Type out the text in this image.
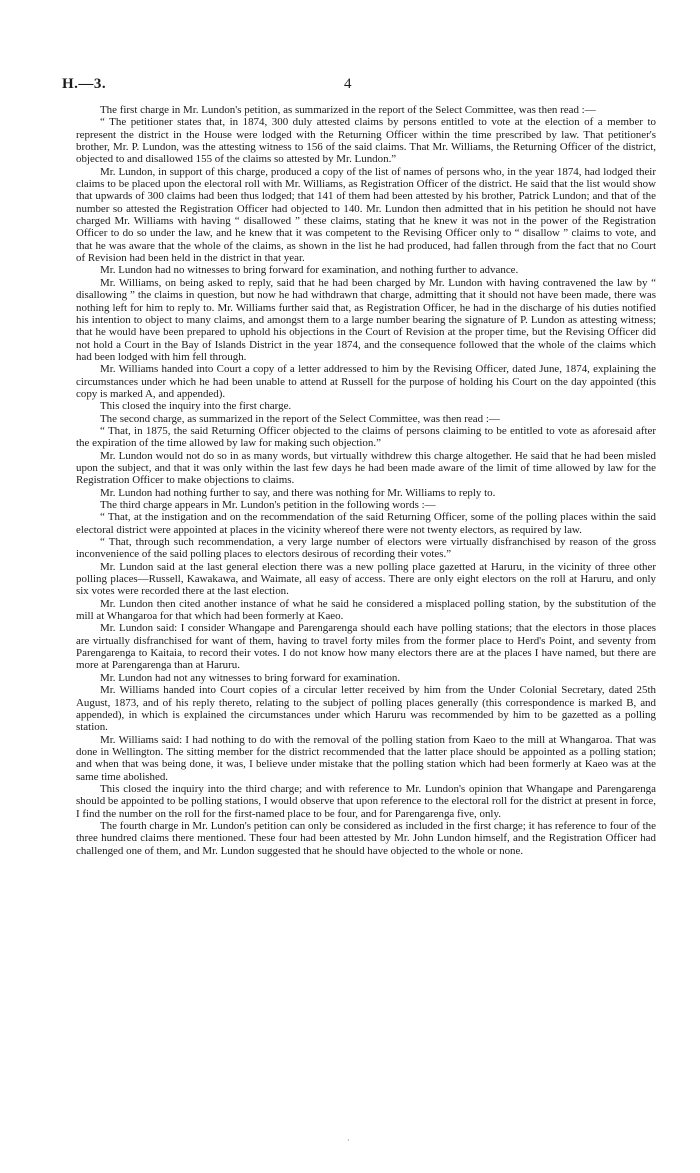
H.—3.	4

The first charge in Mr. Lundon's petition, as summarized in the report of the Select Committee, was then read :—

“ The petitioner states that, in 1874, 300 duly attested claims by persons entitled to vote at the election of a member to represent the district in the House were lodged with the Returning Officer within the time prescribed by law. That petitioner's brother, Mr. P. Lundon, was the attesting witness to 156 of the said claims. That Mr. Williams, the Returning Officer of the district, objected to and disallowed 155 of the claims so attested by Mr. Lundon.”

Mr. Lundon, in support of this charge, produced a copy of the list of names of persons who, in the year 1874, had lodged their claims to be placed upon the electoral roll with Mr. Williams, as Registration Officer of the district. He said that the list would show that upwards of 300 claims had been thus lodged; that 141 of them had been attested by his brother, Patrick Lundon; and that of the number so attested the Registration Officer had objected to 140. Mr. Lundon then admitted that in his petition he should not have charged Mr. Williams with having “ disallowed ” these claims, stating that he knew it was not in the power of the Registration Officer to do so under the law, and he knew that it was competent to the Revising Officer only to “ disallow ” claims to vote, and that he was aware that the whole of the claims, as shown in the list he had produced, had fallen through from the fact that no Court of Revision had been held in the district in that year.

Mr. Lundon had no witnesses to bring forward for examination, and nothing further to advance.

Mr. Williams, on being asked to reply, said that he had been charged by Mr. Lundon with having contravened the law by “ disallowing ” the claims in question, but now he had withdrawn that charge, admitting that it should not have been made, there was nothing left for him to reply to. Mr. Williams further said that, as Registration Officer, he had in the discharge of his duties notified his intention to object to many claims, and amongst them to a large number bearing the signature of P. Lundon as attesting witness; that he would have been prepared to uphold his objections in the Court of Revision at the proper time, but the Revising Officer did not hold a Court in the Bay of Islands District in the year 1874, and the consequence followed that the whole of the claims which had been lodged with him fell through.

Mr. Williams handed into Court a copy of a letter addressed to him by the Revising Officer, dated June, 1874, explaining the circumstances under which he had been unable to attend at Russell for the purpose of holding his Court on the day appointed (this copy is marked A, and appended).

This closed the inquiry into the first charge.

The second charge, as summarized in the report of the Select Committee, was then read :—

“ That, in 1875, the said Returning Officer objected to the claims of persons claiming to be entitled to vote as aforesaid after the expiration of the time allowed by law for making such objection.”

Mr. Lundon would not do so in as many words, but virtually withdrew this charge altogether. He said that he had been misled upon the subject, and that it was only within the last few days he had been made aware of the limit of time allowed by law for the Registration Officer to make objections to claims.

Mr. Lundon had nothing further to say, and there was nothing for Mr. Williams to reply to.

The third charge appears in Mr. Lundon's petition in the following words :—

“ That, at the instigation and on the recommendation of the said Returning Officer, some of the polling places within the said electoral district were appointed at places in the vicinity whereof there were not twenty electors, as required by law.

“ That, through such recommendation, a very large number of electors were virtually disfranchised by reason of the gross inconvenience of the said polling places to electors desirous of recording their votes.”

Mr. Lundon said at the last general election there was a new polling place gazetted at Haruru, in the vicinity of three other polling places—Russell, Kawakawa, and Waimate, all easy of access. There are only eight electors on the roll at Haruru, and only six votes were recorded there at the last election.

Mr. Lundon then cited another instance of what he said he considered a misplaced polling station, by the substitution of the mill at Whangaroa for that which had been formerly at Kaeo.

Mr. Lundon said: I consider Whangape and Parengarenga should each have polling stations; that the electors in those places are virtually disfranchised for want of them, having to travel forty miles from the former place to Herd's Point, and seventy from Parengarenga to Kaitaia, to record their votes. I do not know how many electors there are at the places I have named, but there are more at Parengarenga than at Haruru.

Mr. Lundon had not any witnesses to bring forward for examination.

Mr. Williams handed into Court copies of a circular letter received by him from the Under Colonial Secretary, dated 25th August, 1873, and of his reply thereto, relating to the subject of polling places generally (this correspondence is marked B, and appended), in which is explained the circumstances under which Haruru was recommended by him to be gazetted as a polling station.

Mr. Williams said: I had nothing to do with the removal of the polling station from Kaeo to the mill at Whangaroa. That was done in Wellington. The sitting member for the district recommended that the latter place should be appointed as a polling station; and when that was being done, it was, I believe under mistake that the polling station which had been formerly at Kaeo was at the same time abolished.

This closed the inquiry into the third charge; and with reference to Mr. Lundon's opinion that Whangape and Parengarenga should be appointed to be polling stations, I would observe that upon reference to the electoral roll for the district at present in force, I find the number on the roll for the first-named place to be four, and for Parengarenga five, only.

The fourth charge in Mr. Lundon's petition can only be considered as included in the first charge; it has reference to four of the three hundred claims there mentioned. These four had been attested by Mr. John Lundon himself, and the Registration Officer had challenged one of them, and Mr. Lundon suggested that he should have objected to the whole or none.

·
